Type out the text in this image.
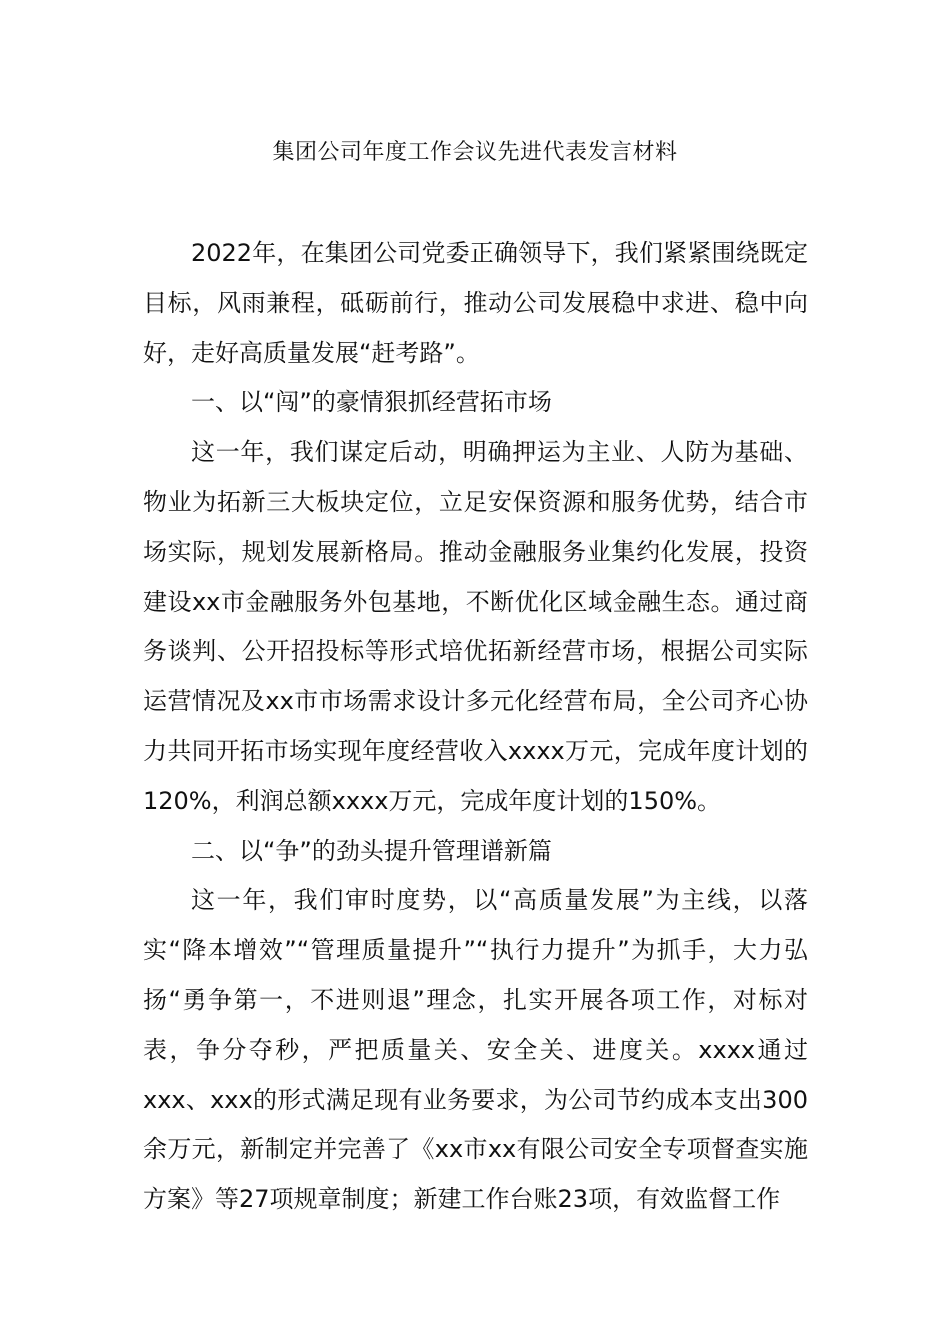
集团公司年度工作会议先进代表发言材料

2022年，在集团公司党委正确领导下，我们紧紧围绕既定目标，风雨兼程，砥砺前行，推动公司发展稳中求进、稳中向好，走好高质量发展“赶考路”。

一、以“闯”的豪情狠抓经营拓市场

这一年，我们谋定后动，明确押运为主业、人防为基础、物业为拓新三大板块定位，立足安保资源和服务优势，结合市场实际，规划发展新格局。推动金融服务业集约化发展，投资建设xx市金融服务外包基地，不断优化区域金融生态。通过商务谈判、公开招投标等形式培优拓新经营市场，根据公司实际运营情况及xx市市场需求设计多元化经营布局，全公司齐心协力共同开拓市场实现年度经营收入xxxx万元，完成年度计划的120%，利润总额xxxx万元，完成年度计划的150%。

二、以“争”的劲头提升管理谱新篇

这一年，我们审时度势，以“高质量发展”为主线，以落实“降本增效”“管理质量提升”“执行力提升”为抓手，大力弘扬“勇争第一，不进则退”理念，扎实开展各项工作，对标对表，争分夺秒，严把质量关、安全关、进度关。xxxx通过xxx、xxx的形式满足现有业务要求，为公司节约成本支出300余万元，新制定并完善了《xx市xx有限公司安全专项督查实施方案》等27项规章制度；新建工作台账23项，有效监督工作
